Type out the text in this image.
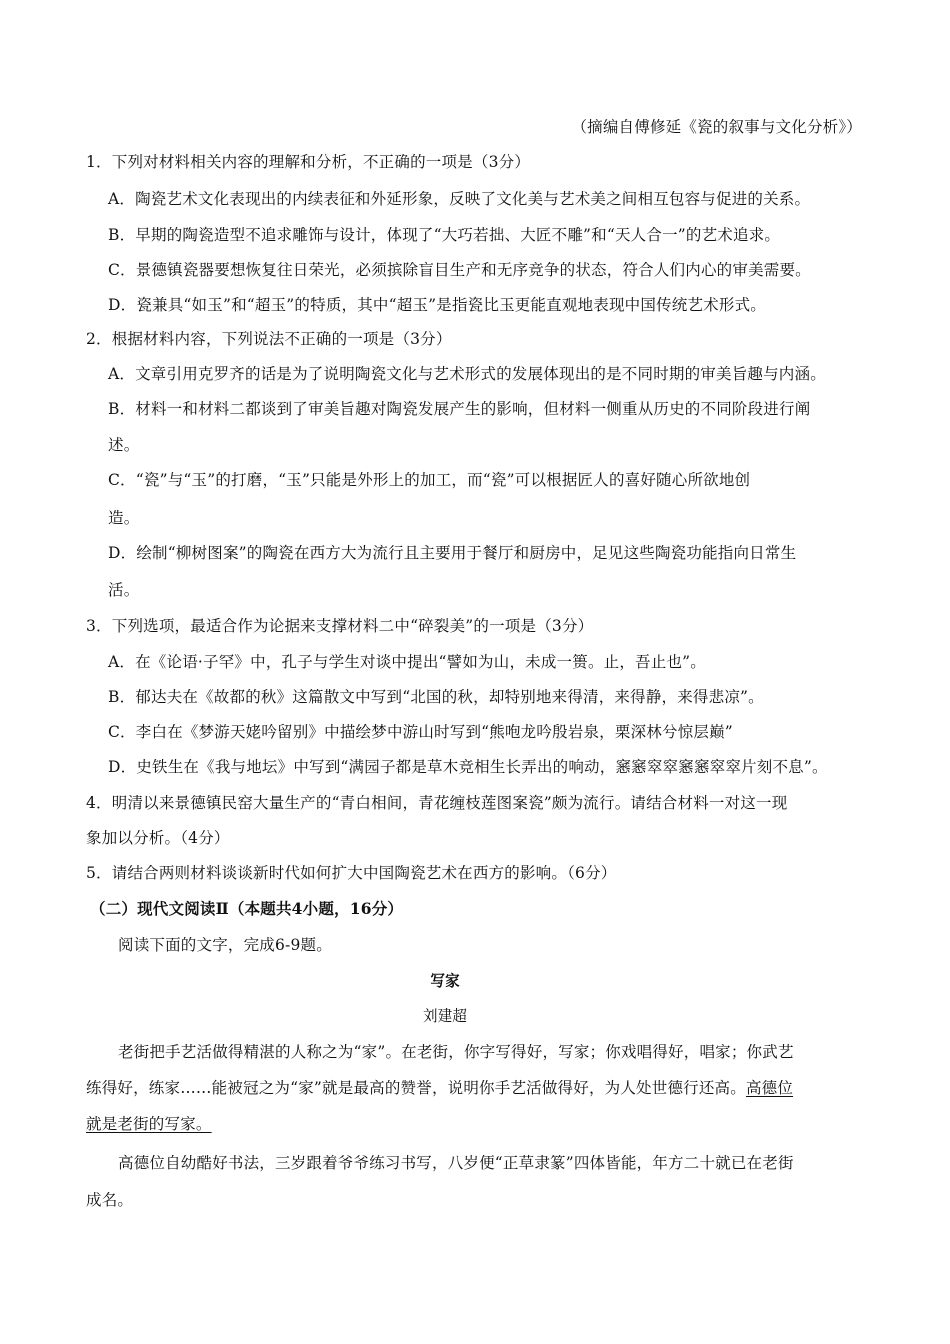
（摘编自傅修延《瓷的叙事与文化分析》）
1．下列对材料相关内容的理解和分析，不正确的一项是（3分）
A．陶瓷艺术文化表现出的内续表征和外延形象，反映了文化美与艺术美之间相互包容与促进的关系。
B．早期的陶瓷造型不追求雕饰与设计，体现了“大巧若拙、大匠不雕”和“天人合一”的艺术追求。
C．景德镇瓷器要想恢复往日荣光，必须摈除盲目生产和无序竞争的状态，符合人们内心的审美需要。
D．瓷兼具“如玉”和“超玉”的特质，其中“超玉”是指瓷比玉更能直观地表现中国传统艺术形式。
2．根据材料内容，下列说法不正确的一项是（3分）
A．文章引用克罗齐的话是为了说明陶瓷文化与艺术形式的发展体现出的是不同时期的审美旨趣与内涵。
B．材料一和材料二都谈到了审美旨趣对陶瓷发展产生的影响，但材料一侧重从历史的不同阶段进行阐
述。
C．“瓷”与“玉”的打磨，“玉”只能是外形上的加工，而“瓷”可以根据匠人的喜好随心所欲地创
造。
D．绘制“柳树图案”的陶瓷在西方大为流行且主要用于餐厅和厨房中，足见这些陶瓷功能指向日常生
活。
3．下列选项，最适合作为论据来支撑材料二中“碎裂美”的一项是（3分）
A．在《论语·子罕》中，孔子与学生对谈中提出“譬如为山，未成一篑。止，吾止也”。
B．郁达夫在《故都的秋》这篇散文中写到“北国的秋，却特别地来得清，来得静，来得悲凉”。
C．李白在《梦游天姥吟留别》中描绘梦中游山时写到“熊咆龙吟殷岩泉，栗深林兮惊层巅”
D．史铁生在《我与地坛》中写到“满园子都是草木竞相生长弄出的响动，窸窸窣窣窸窸窣窣片刻不息”。
4．明清以来景德镇民窑大量生产的“青白相间，青花缠枝莲图案瓷”颇为流行。请结合材料一对这一现
象加以分析。（4分）
5．请结合两则材料谈谈新时代如何扩大中国陶瓷艺术在西方的影响。（6分）
（二）现代文阅读Ⅱ（本题共4小题，16分）
阅读下面的文字，完成6-9题。
写家
刘建超
老街把手艺活做得精湛的人称之为“家”。在老街，你字写得好，写家；你戏唱得好，唱家；你武艺
练得好，练家……能被冠之为“家”就是最高的赞誉，说明你手艺活做得好，为人处世德行还高。高德位
就是老街的写家。
高德位自幼酷好书法，三岁跟着爷爷练习书写，八岁便“正草隶篆”四体皆能，年方二十就已在老街
成名。
